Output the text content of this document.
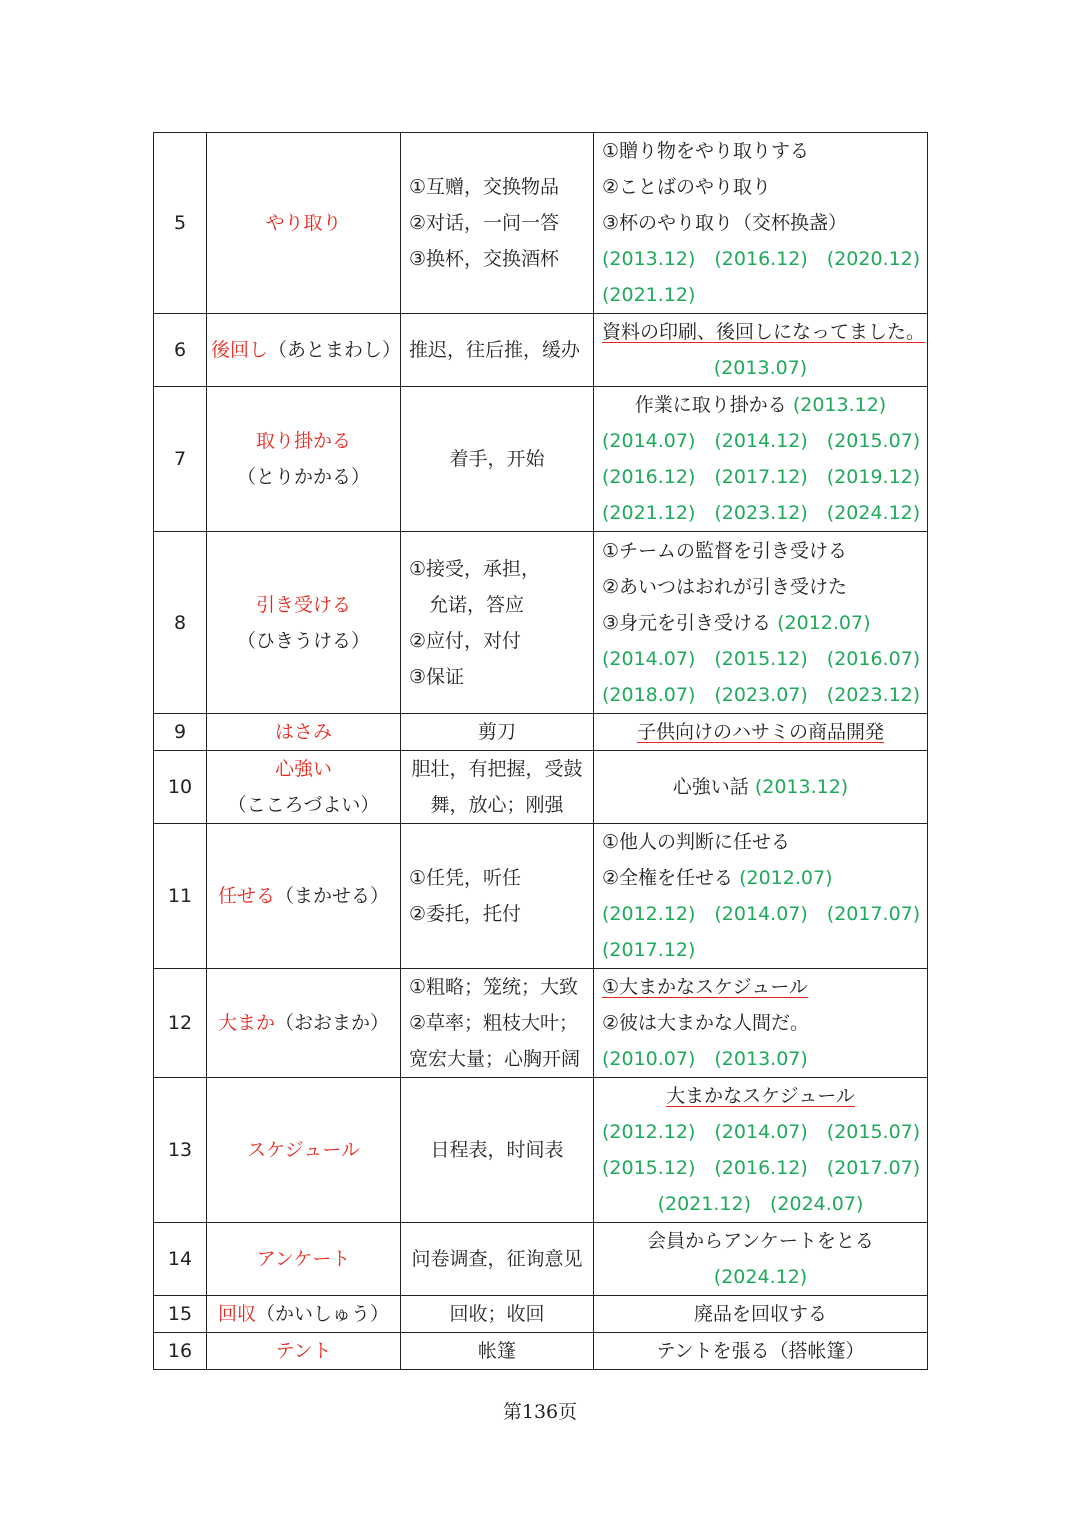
5	やり取り	①互赠，交换物品
②对话，一问一答
③换杯，交换酒杯	①贈り物をやり取りする
②ことばのやり取り
③杯のやり取り（交杯换盏）
(2013.12)　(2016.12)　(2020.12)
(2021.12)

6	後回し（あとまわし）	推迟，往后推，缓办	資料の印刷、後回しになってました。
(2013.07)

7	取り掛かる
（とりかかる）	着手，开始	作業に取り掛かる (2013.12)
(2014.07)　(2014.12)　(2015.07)
(2016.12)　(2017.12)　(2019.12)
(2021.12)　(2023.12)　(2024.12)

8	引き受ける
（ひきうける）	①接受，承担，
允诺，答应
②应付，对付
③保证	①チームの監督を引き受ける
②あいつはおれが引き受けた
③身元を引き受ける (2012.07)
(2014.07)　(2015.12)　(2016.07)
(2018.07)　(2023.07)　(2023.12)

9	はさみ	剪刀	子供向けのハサミの商品開発
10	心強い
（こころづよい）	胆壮，有把握，受鼓
舞，放心；刚强	心強い話 (2013.12)
11	任せる（まかせる）	①任凭，听任
②委托，托付	①他人の判断に任せる
②全権を任せる (2012.07)
(2012.12)　(2014.07)　(2017.07)
(2017.12)

12	大まか（おおまか）	①粗略；笼统；大致
②草率；粗枝大叶；
宽宏大量；心胸开阔	①大まかなスケジュール
②彼は大まかな人間だ。
(2010.07)　(2013.07)

13	スケジュール	日程表，时间表	大まかなスケジュール
(2012.12)　(2014.07)　(2015.07)
(2015.12)　(2016.12)　(2017.07)
(2021.12)　(2024.07)

14	アンケート	问卷调查，征询意见	会員からアンケートをとる
(2024.12)

15	回収（かいしゅう）	回收；收回	廃品を回収する
16	テント	帐篷	テントを張る（搭帐篷）
第136页
